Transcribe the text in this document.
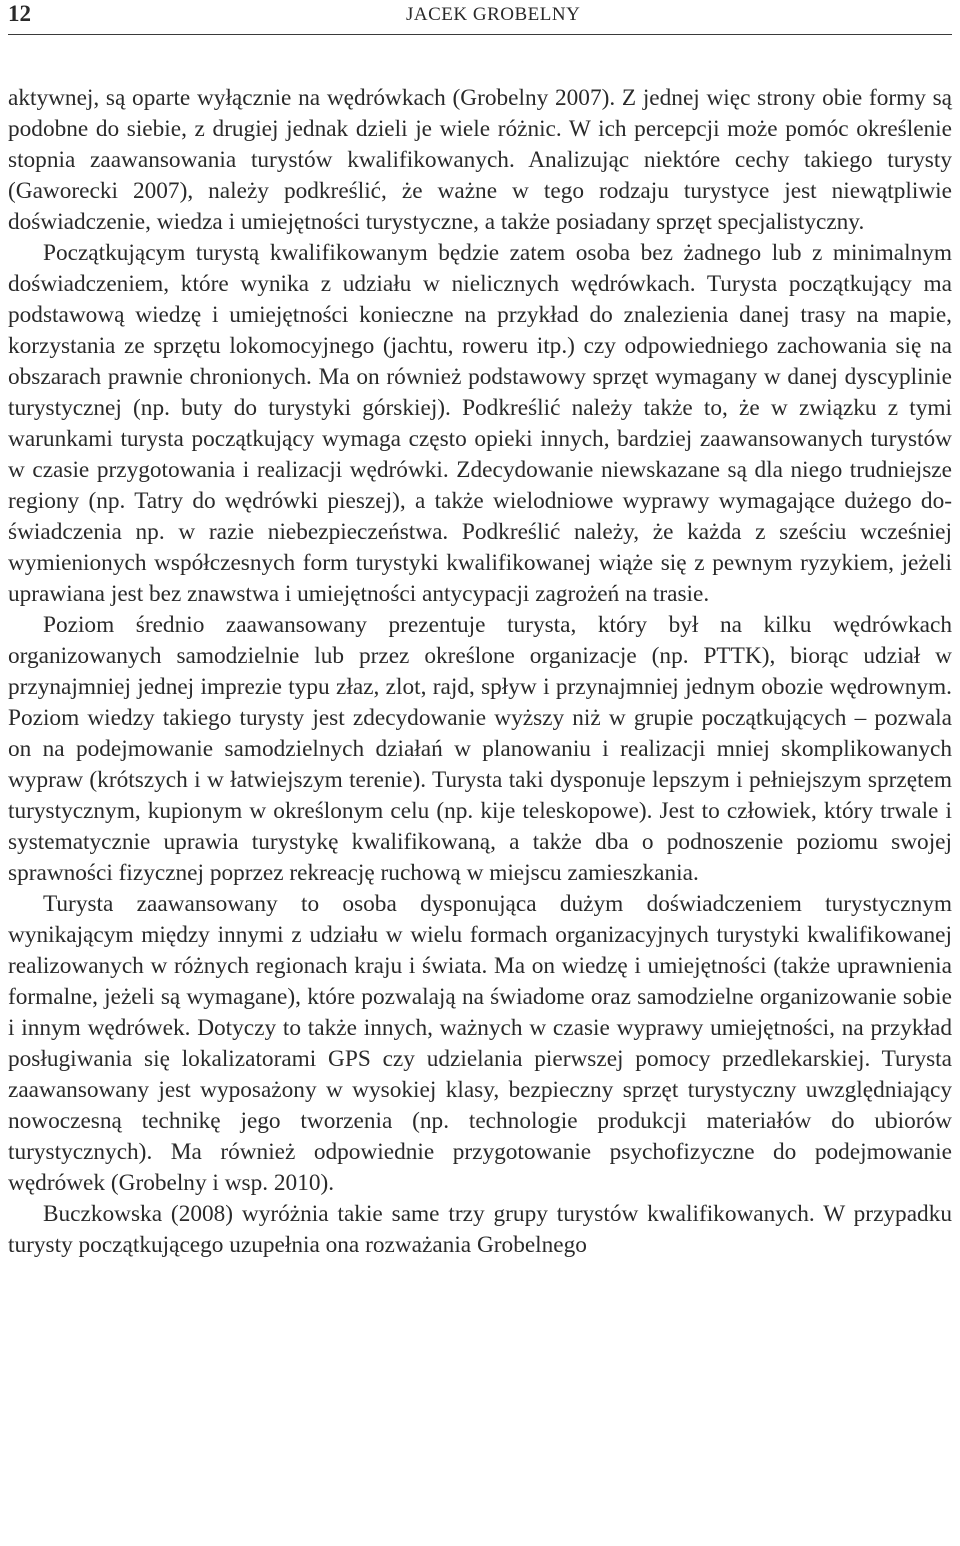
12	JACEK GROBELNY

aktywnej, są oparte wyłącznie na wędrówkach (Grobelny 2007). Z jednej więc strony obie formy są podobne do siebie, z drugiej jednak dzieli je wiele różnic. W ich percepcji może pomóc określenie stopnia zaawansowania turystów kwalifikowanych. Analizując niektóre cechy takiego turysty (Gaworecki 2007), należy podkreślić, że ważne w tego rodzaju turystyce jest niewątpliwie doświadczenie, wiedza i umiejętności turystyczne, a także posiadany sprzęt specjalistyczny.

Początkującym turystą kwalifikowanym będzie zatem osoba bez żadnego lub z minimalnym doświadczeniem, które wynika z udziału w nielicznych wędrówkach. Turysta początkujący ma podstawową wiedzę i umiejętności konieczne na przykład do znalezienia danej trasy na mapie, korzystania ze sprzętu lokomocyjnego (jachtu, roweru itp.) czy odpowiedniego zachowania się na obszarach prawnie chronionych. Ma on również podstawowy sprzęt wymagany w danej dyscyplinie turystycznej (np. buty do turystyki górskiej). Podkreślić należy także to, że w związku z tymi warunkami turysta początkujący wymaga często opieki innych, bardziej zaawansowanych turystów w czasie przygotowania i realizacji wędrówki. Zdecydowanie niewskazane są dla niego trudniejsze regiony (np. Tatry do wędrówki pieszej), a także wielodniowe wyprawy wymagające dużego doświadczenia np. w razie niebezpieczeństwa. Podkreślić należy, że każda z sześciu wcześniej wymienionych współczesnych form turystyki kwalifikowanej wiąże się z pewnym ryzykiem, jeżeli uprawiana jest bez znawstwa i umiejętności antycypacji zagrożeń na trasie.

Poziom średnio zaawansowany prezentuje turysta, który był na kilku wędrówkach organizowanych samodzielnie lub przez określone organizacje (np. PTTK), biorąc udział w przynajmniej jednej imprezie typu złaz, zlot, rajd, spływ i przynajmniej jednym obozie wędrownym. Poziom wiedzy takiego turysty jest zdecydowanie wyższy niż w grupie początkujących – pozwala on na podejmowanie samodzielnych działań w planowaniu i realizacji mniej skomplikowanych wypraw (krótszych i w łatwiejszym terenie). Turysta taki dysponuje lepszym i pełniejszym sprzętem turystycznym, kupionym w określonym celu (np. kije teleskopowe). Jest to człowiek, który trwale i systematycznie uprawia turystykę kwalifikowaną, a także dba o podnoszenie poziomu swojej sprawności fizycznej poprzez rekreację ruchową w miejscu zamieszkania.

Turysta zaawansowany to osoba dysponująca dużym doświadczeniem turystycznym wynikającym między innymi z udziału w wielu formach organizacyjnych turystyki kwalifikowanej realizowanych w różnych regionach kraju i świata. Ma on wiedzę i umiejętności (także uprawnienia formalne, jeżeli są wymagane), które pozwalają na świadome oraz samodzielne organizowanie sobie i innym wędrówek. Dotyczy to także innych, ważnych w czasie wyprawy umiejętności, na przykład posługiwania się lokalizatorami GPS czy udzielania pierwszej pomocy przedlekarskiej. Turysta zaawansowany jest wyposażony w wysokiej klasy, bezpieczny sprzęt turystyczny uwzględniający nowoczesną technikę jego tworzenia (np. technologie produkcji materiałów do ubiorów turystycznych). Ma również odpowiednie przygotowanie psychofizyczne do podejmowanie wędrówek (Grobelny i wsp. 2010).

Buczkowska (2008) wyróżnia takie same trzy grupy turystów kwalifikowanych. W przypadku turysty początkującego uzupełnia ona rozważania Grobelnego
